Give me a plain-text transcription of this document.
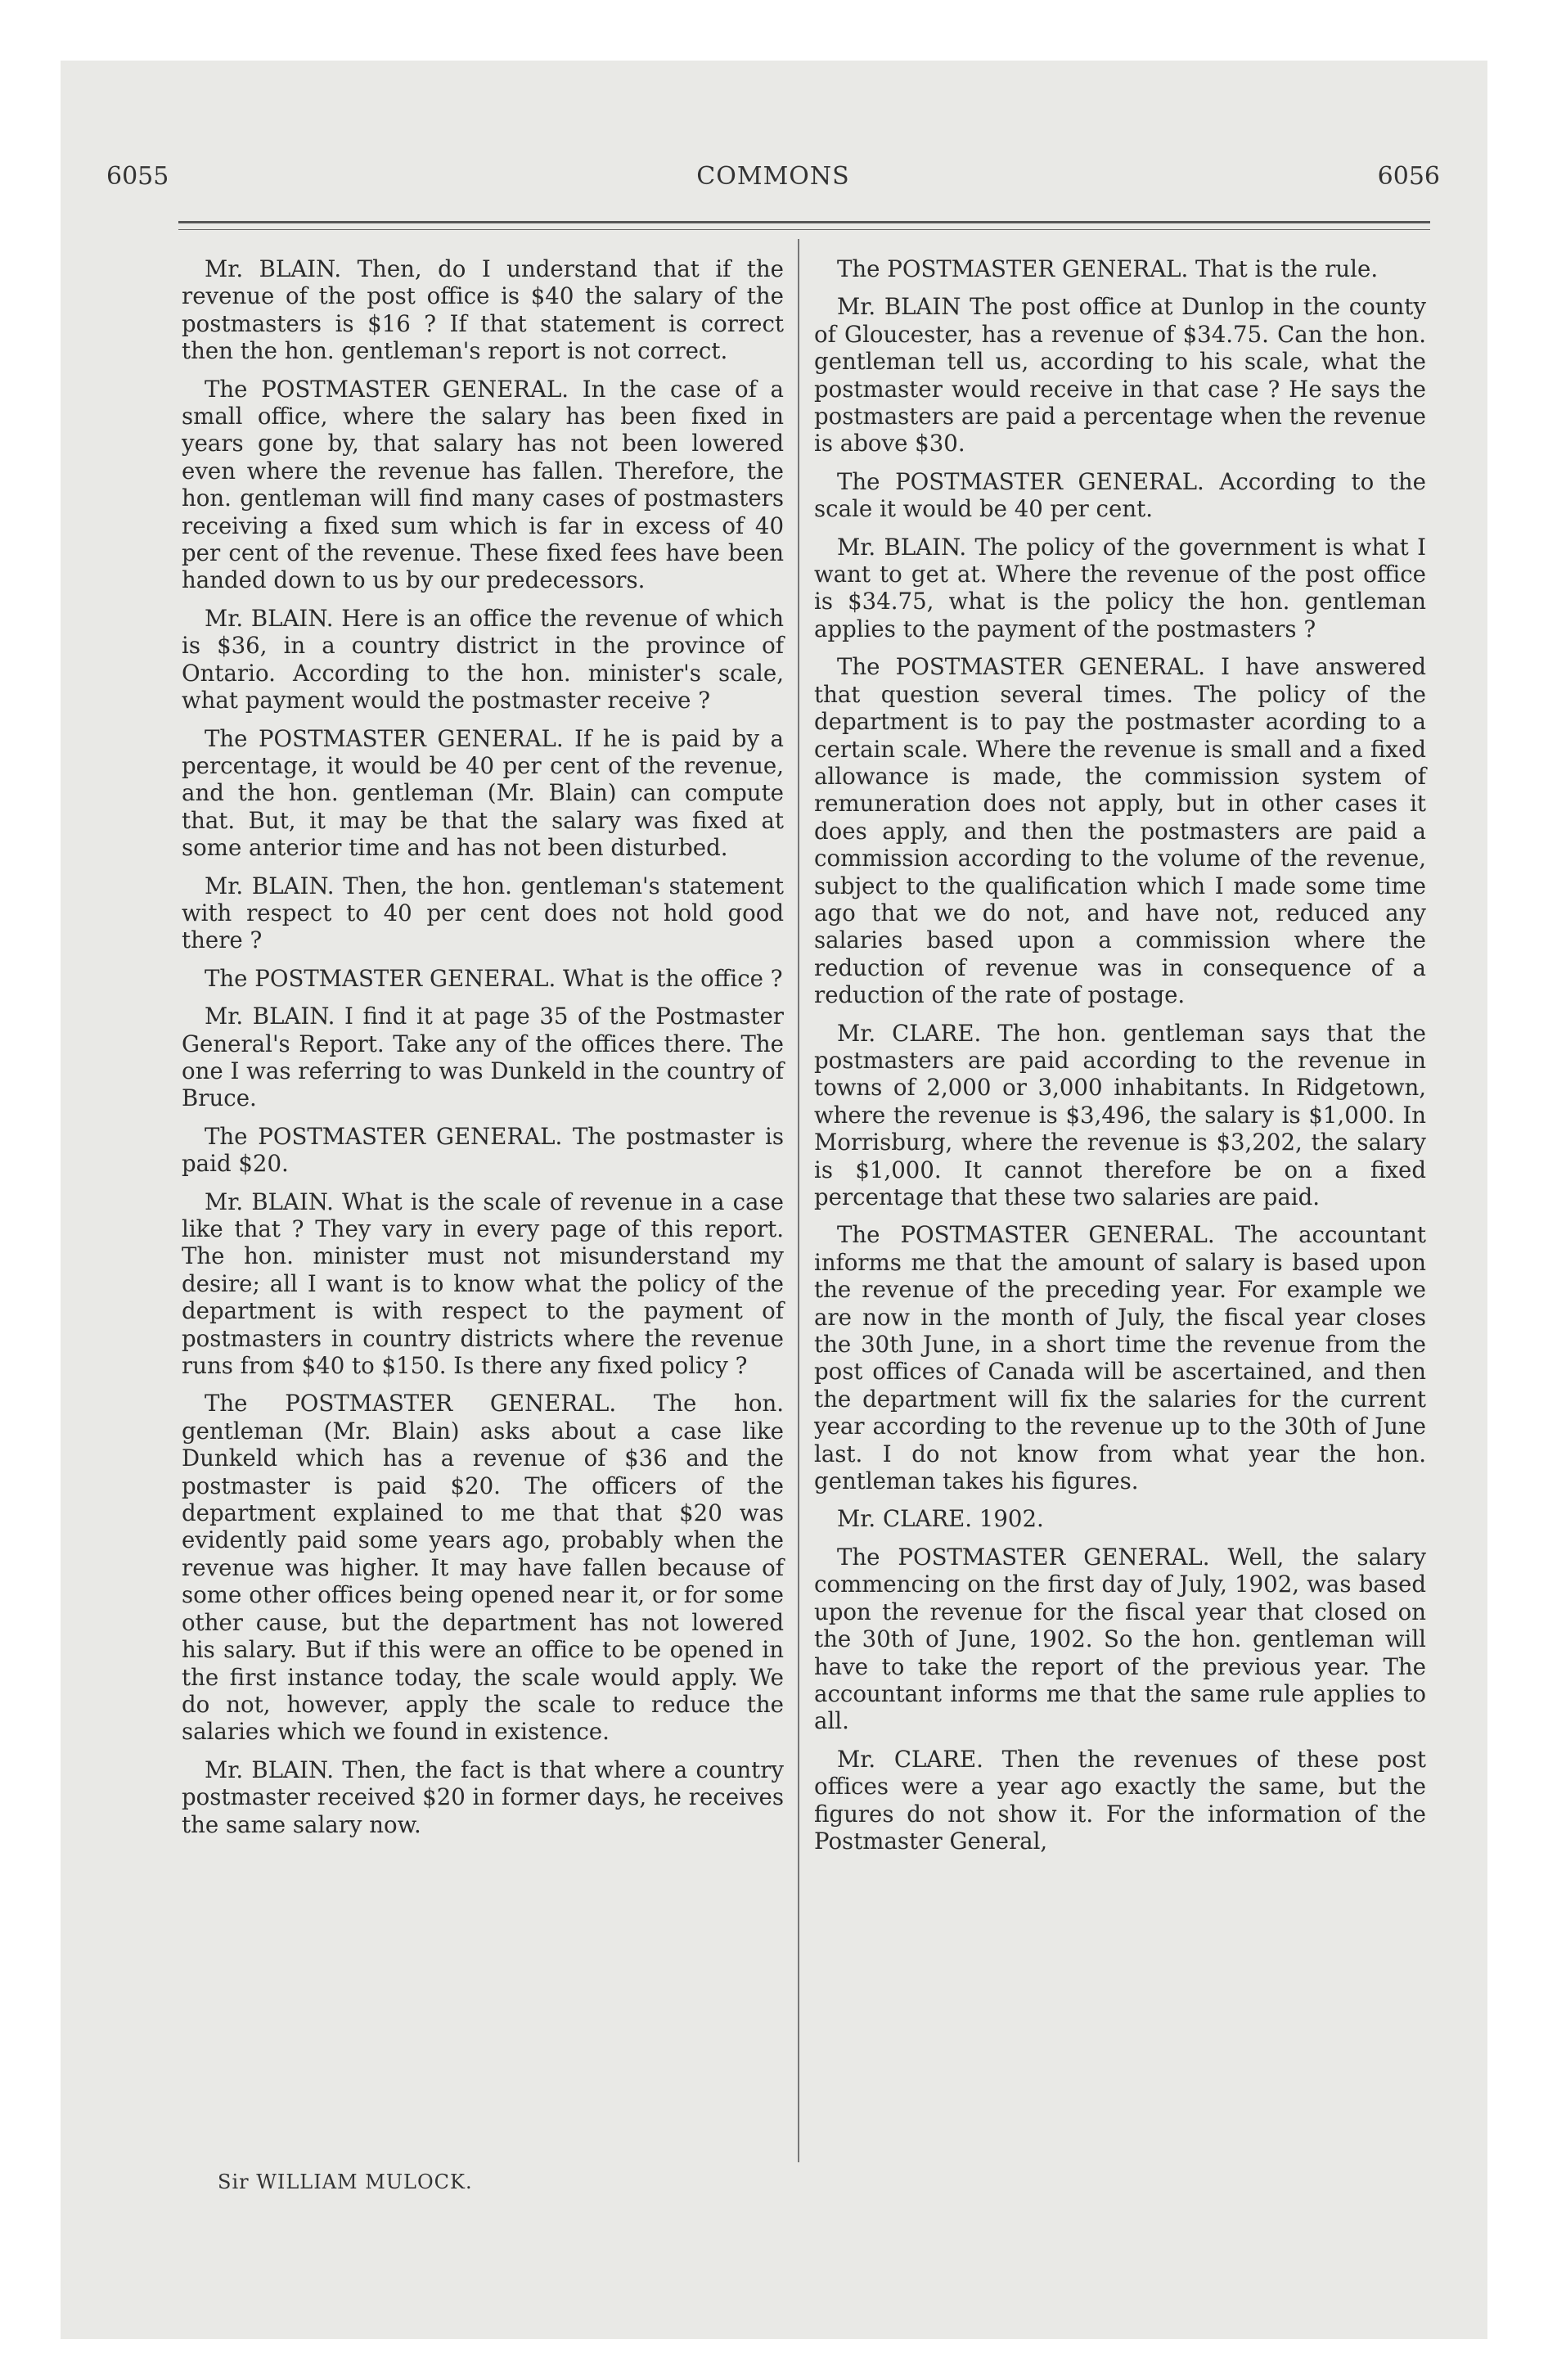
6055	COMMONS	6056

Mr. BLAIN. Then, do I understand that if the revenue of the post office is $40 the salary of the postmasters is $16 ? If that statement is correct then the hon. gentleman's report is not correct.

The POSTMASTER GENERAL. In the case of a small office, where the salary has been fixed in years gone by, that salary has not been lowered even where the revenue has fallen. Therefore, the hon. gentleman will find many cases of postmasters receiving a fixed sum which is far in excess of 40 per cent of the revenue. These fixed fees have been handed down to us by our predecessors.

Mr. BLAIN. Here is an office the revenue of which is $36, in a country district in the province of Ontario. According to the hon. minister's scale, what payment would the postmaster receive ?

The POSTMASTER GENERAL. If he is paid by a percentage, it would be 40 per cent of the revenue, and the hon. gentleman (Mr. Blain) can compute that. But, it may be that the salary was fixed at some anterior time and has not been disturbed.

Mr. BLAIN. Then, the hon. gentleman's statement with respect to 40 per cent does not hold good there ?

The POSTMASTER GENERAL. What is the office ?

Mr. BLAIN. I find it at page 35 of the Postmaster General's Report. Take any of the offices there. The one I was referring to was Dunkeld in the country of Bruce.

The POSTMASTER GENERAL. The postmaster is paid $20.

Mr. BLAIN. What is the scale of revenue in a case like that ? They vary in every page of this report. The hon. minister must not misunderstand my desire; all I want is to know what the policy of the department is with respect to the payment of postmasters in country districts where the revenue runs from $40 to $150. Is there any fixed policy ?

The POSTMASTER GENERAL. The hon. gentleman (Mr. Blain) asks about a case like Dunkeld which has a revenue of $36 and the postmaster is paid $20. The officers of the department explained to me that that $20 was evidently paid some years ago, probably when the revenue was higher. It may have fallen because of some other offices being opened near it, or for some other cause, but the department has not lowered his salary. But if this were an office to be opened in the first instance today, the scale would apply. We do not, however, apply the scale to reduce the salaries which we found in existence.

Mr. BLAIN. Then, the fact is that where a country postmaster received $20 in former days, he receives the same salary now.

The POSTMASTER GENERAL. That is the rule.

Mr. BLAIN The post office at Dunlop in the county of Gloucester, has a revenue of $34.75. Can the hon. gentleman tell us, according to his scale, what the postmaster would receive in that case ? He says the postmasters are paid a percentage when the revenue is above $30.

The POSTMASTER GENERAL. According to the scale it would be 40 per cent.

Mr. BLAIN. The policy of the government is what I want to get at. Where the revenue of the post office is $34.75, what is the policy the hon. gentleman applies to the payment of the postmasters ?

The POSTMASTER GENERAL. I have answered that question several times. The policy of the department is to pay the postmaster acording to a certain scale. Where the revenue is small and a fixed allowance is made, the commission system of remuneration does not apply, but in other cases it does apply, and then the postmasters are paid a commission according to the volume of the revenue, subject to the qualification which I made some time ago that we do not, and have not, reduced any salaries based upon a commission where the reduction of revenue was in consequence of a reduction of the rate of postage.

Mr. CLARE. The hon. gentleman says that the postmasters are paid according to the revenue in towns of 2,000 or 3,000 inhabitants. In Ridgetown, where the revenue is $3,496, the salary is $1,000. In Morrisburg, where the revenue is $3,202, the salary is $1,000. It cannot therefore be on a fixed percentage that these two salaries are paid.

The POSTMASTER GENERAL. The accountant informs me that the amount of salary is based upon the revenue of the preceding year. For example we are now in the month of July, the fiscal year closes the 30th June, in a short time the revenue from the post offices of Canada will be ascertained, and then the department will fix the salaries for the current year according to the revenue up to the 30th of June last. I do not know from what year the hon. gentleman takes his figures.

Mr. CLARE. 1902.

The POSTMASTER GENERAL. Well, the salary commencing on the first day of July, 1902, was based upon the revenue for the fiscal year that closed on the 30th of June, 1902. So the hon. gentleman will have to take the report of the previous year. The accountant informs me that the same rule applies to all.

Mr. CLARE. Then the revenues of these post offices were a year ago exactly the same, but the figures do not show it. For the information of the Postmaster General,

Sir WILLIAM MULOCK.
